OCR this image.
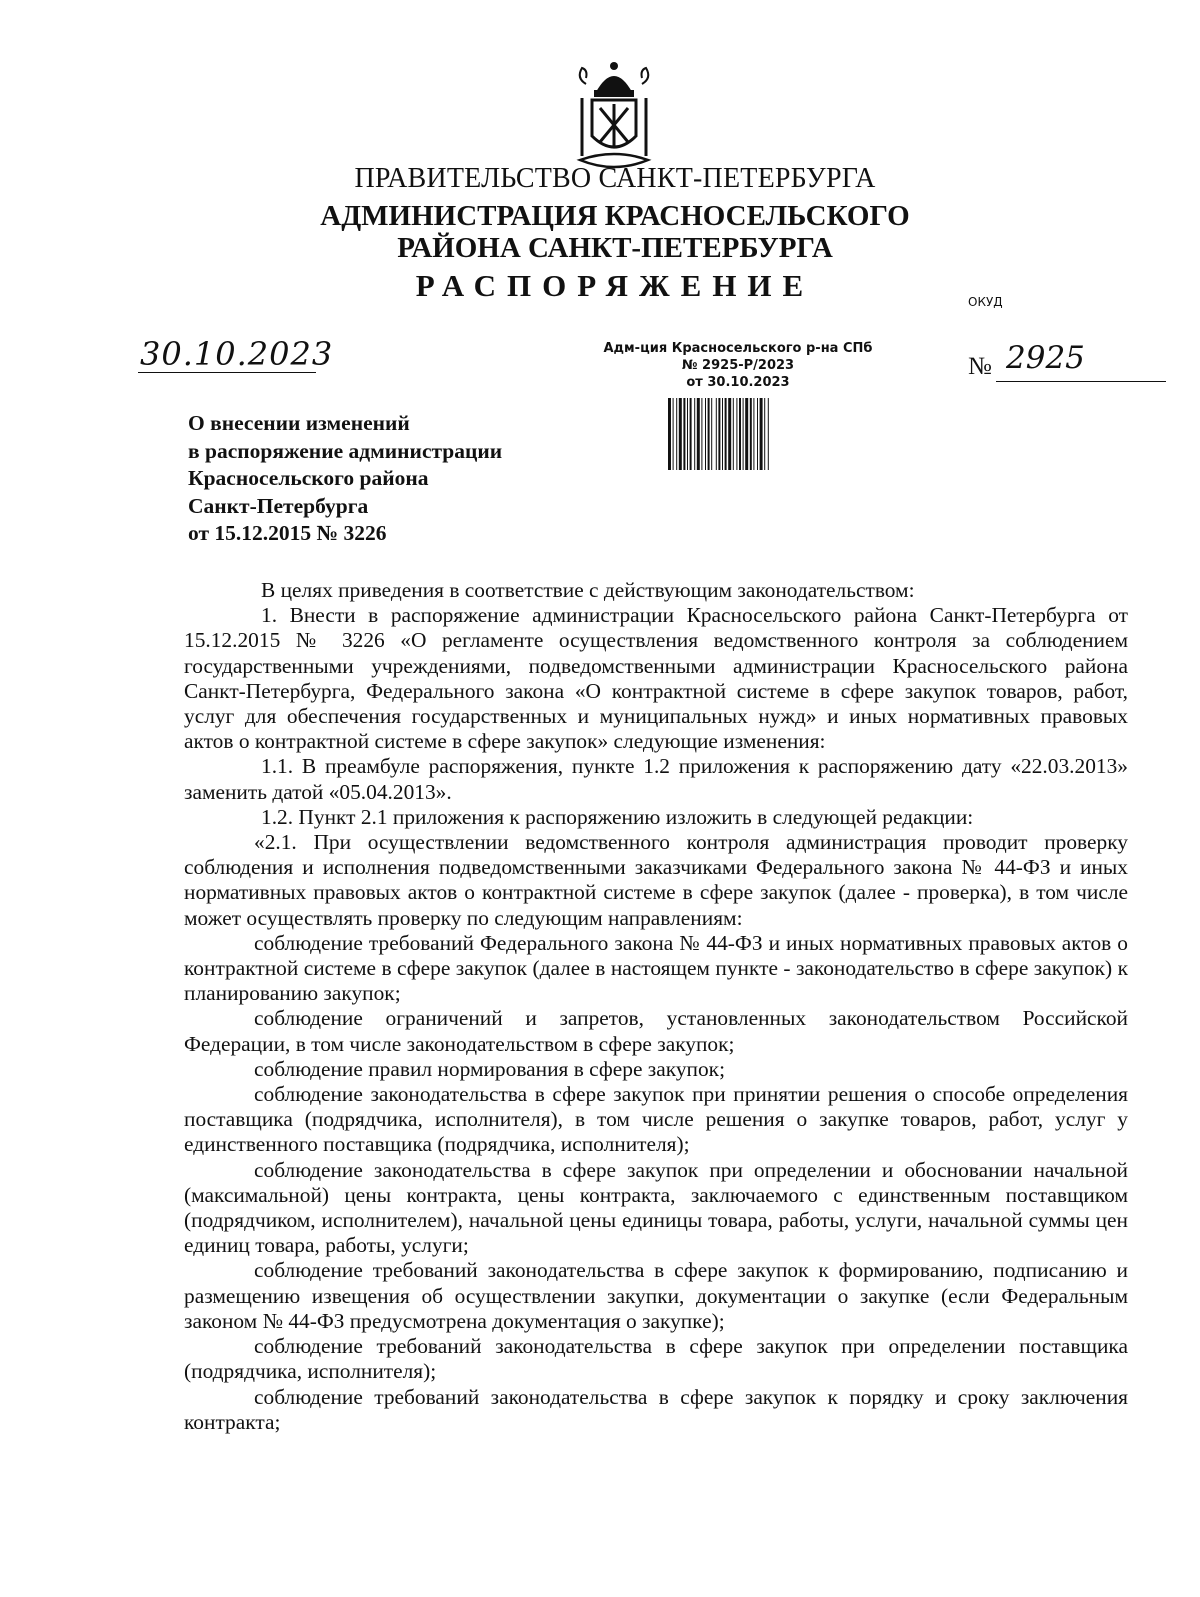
ПРАВИТЕЛЬСТВО САНКТ-ПЕТЕРБУРГА
АДМИНИСТРАЦИЯ КРАСНОСЕЛЬСКОГО
РАЙОНА САНКТ-ПЕТЕРБУРГА
РАСПОРЯЖЕНИЕ	ОКУД
30.10.2023	Адм-ция Красносельского р-на СПб
№ 2925-Р/2023
от 30.10.2023
№ 2925
О внесении изменений
в распоряжение администрации
Красносельского района
Санкт-Петербурга
от 15.12.2015 № 3226

В целях приведения в соответствие с действующим законодательством:

1. Внести в распоряжение администрации Красносельского района Санкт-Петербурга от 15.12.2015 № 3226 «О регламенте осуществления ведомственного контроля за соблюдением государственными учреждениями, подведомственными администрации Красносельского района Санкт-Петербурга, Федерального закона «О контрактной системе в сфере закупок товаров, работ, услуг для обеспечения государственных и муниципальных нужд» и иных нормативных правовых актов о контрактной системе в сфере закупок» следующие изменения:

1.1. В преамбуле распоряжения, пункте 1.2 приложения к распоряжению дату «22.03.2013» заменить датой «05.04.2013».

1.2. Пункт 2.1 приложения к распоряжению изложить в следующей редакции:

«2.1. При осуществлении ведомственного контроля администрация проводит проверку соблюдения и исполнения подведомственными заказчиками Федерального закона № 44-ФЗ и иных нормативных правовых актов о контрактной системе в сфере закупок (далее - проверка), в том числе может осуществлять проверку по следующим направлениям:

соблюдение требований Федерального закона № 44-ФЗ и иных нормативных правовых актов о контрактной системе в сфере закупок (далее в настоящем пункте - законодательство в сфере закупок) к планированию закупок;

соблюдение ограничений и запретов, установленных законодательством Российской Федерации, в том числе законодательством в сфере закупок;

соблюдение правил нормирования в сфере закупок;

соблюдение законодательства в сфере закупок при принятии решения о способе определения поставщика (подрядчика, исполнителя), в том числе решения о закупке товаров, работ, услуг у единственного поставщика (подрядчика, исполнителя);

соблюдение законодательства в сфере закупок при определении и обосновании начальной (максимальной) цены контракта, цены контракта, заключаемого с единственным поставщиком (подрядчиком, исполнителем), начальной цены единицы товара, работы, услуги, начальной суммы цен единиц товара, работы, услуги;

соблюдение требований законодательства в сфере закупок к формированию, подписанию и размещению извещения об осуществлении закупки, документации о закупке (если Федеральным законом № 44-ФЗ предусмотрена документация о закупке);

соблюдение требований законодательства в сфере закупок при определении поставщика (подрядчика, исполнителя);

соблюдение требований законодательства в сфере закупок к порядку и сроку заключения контракта;
